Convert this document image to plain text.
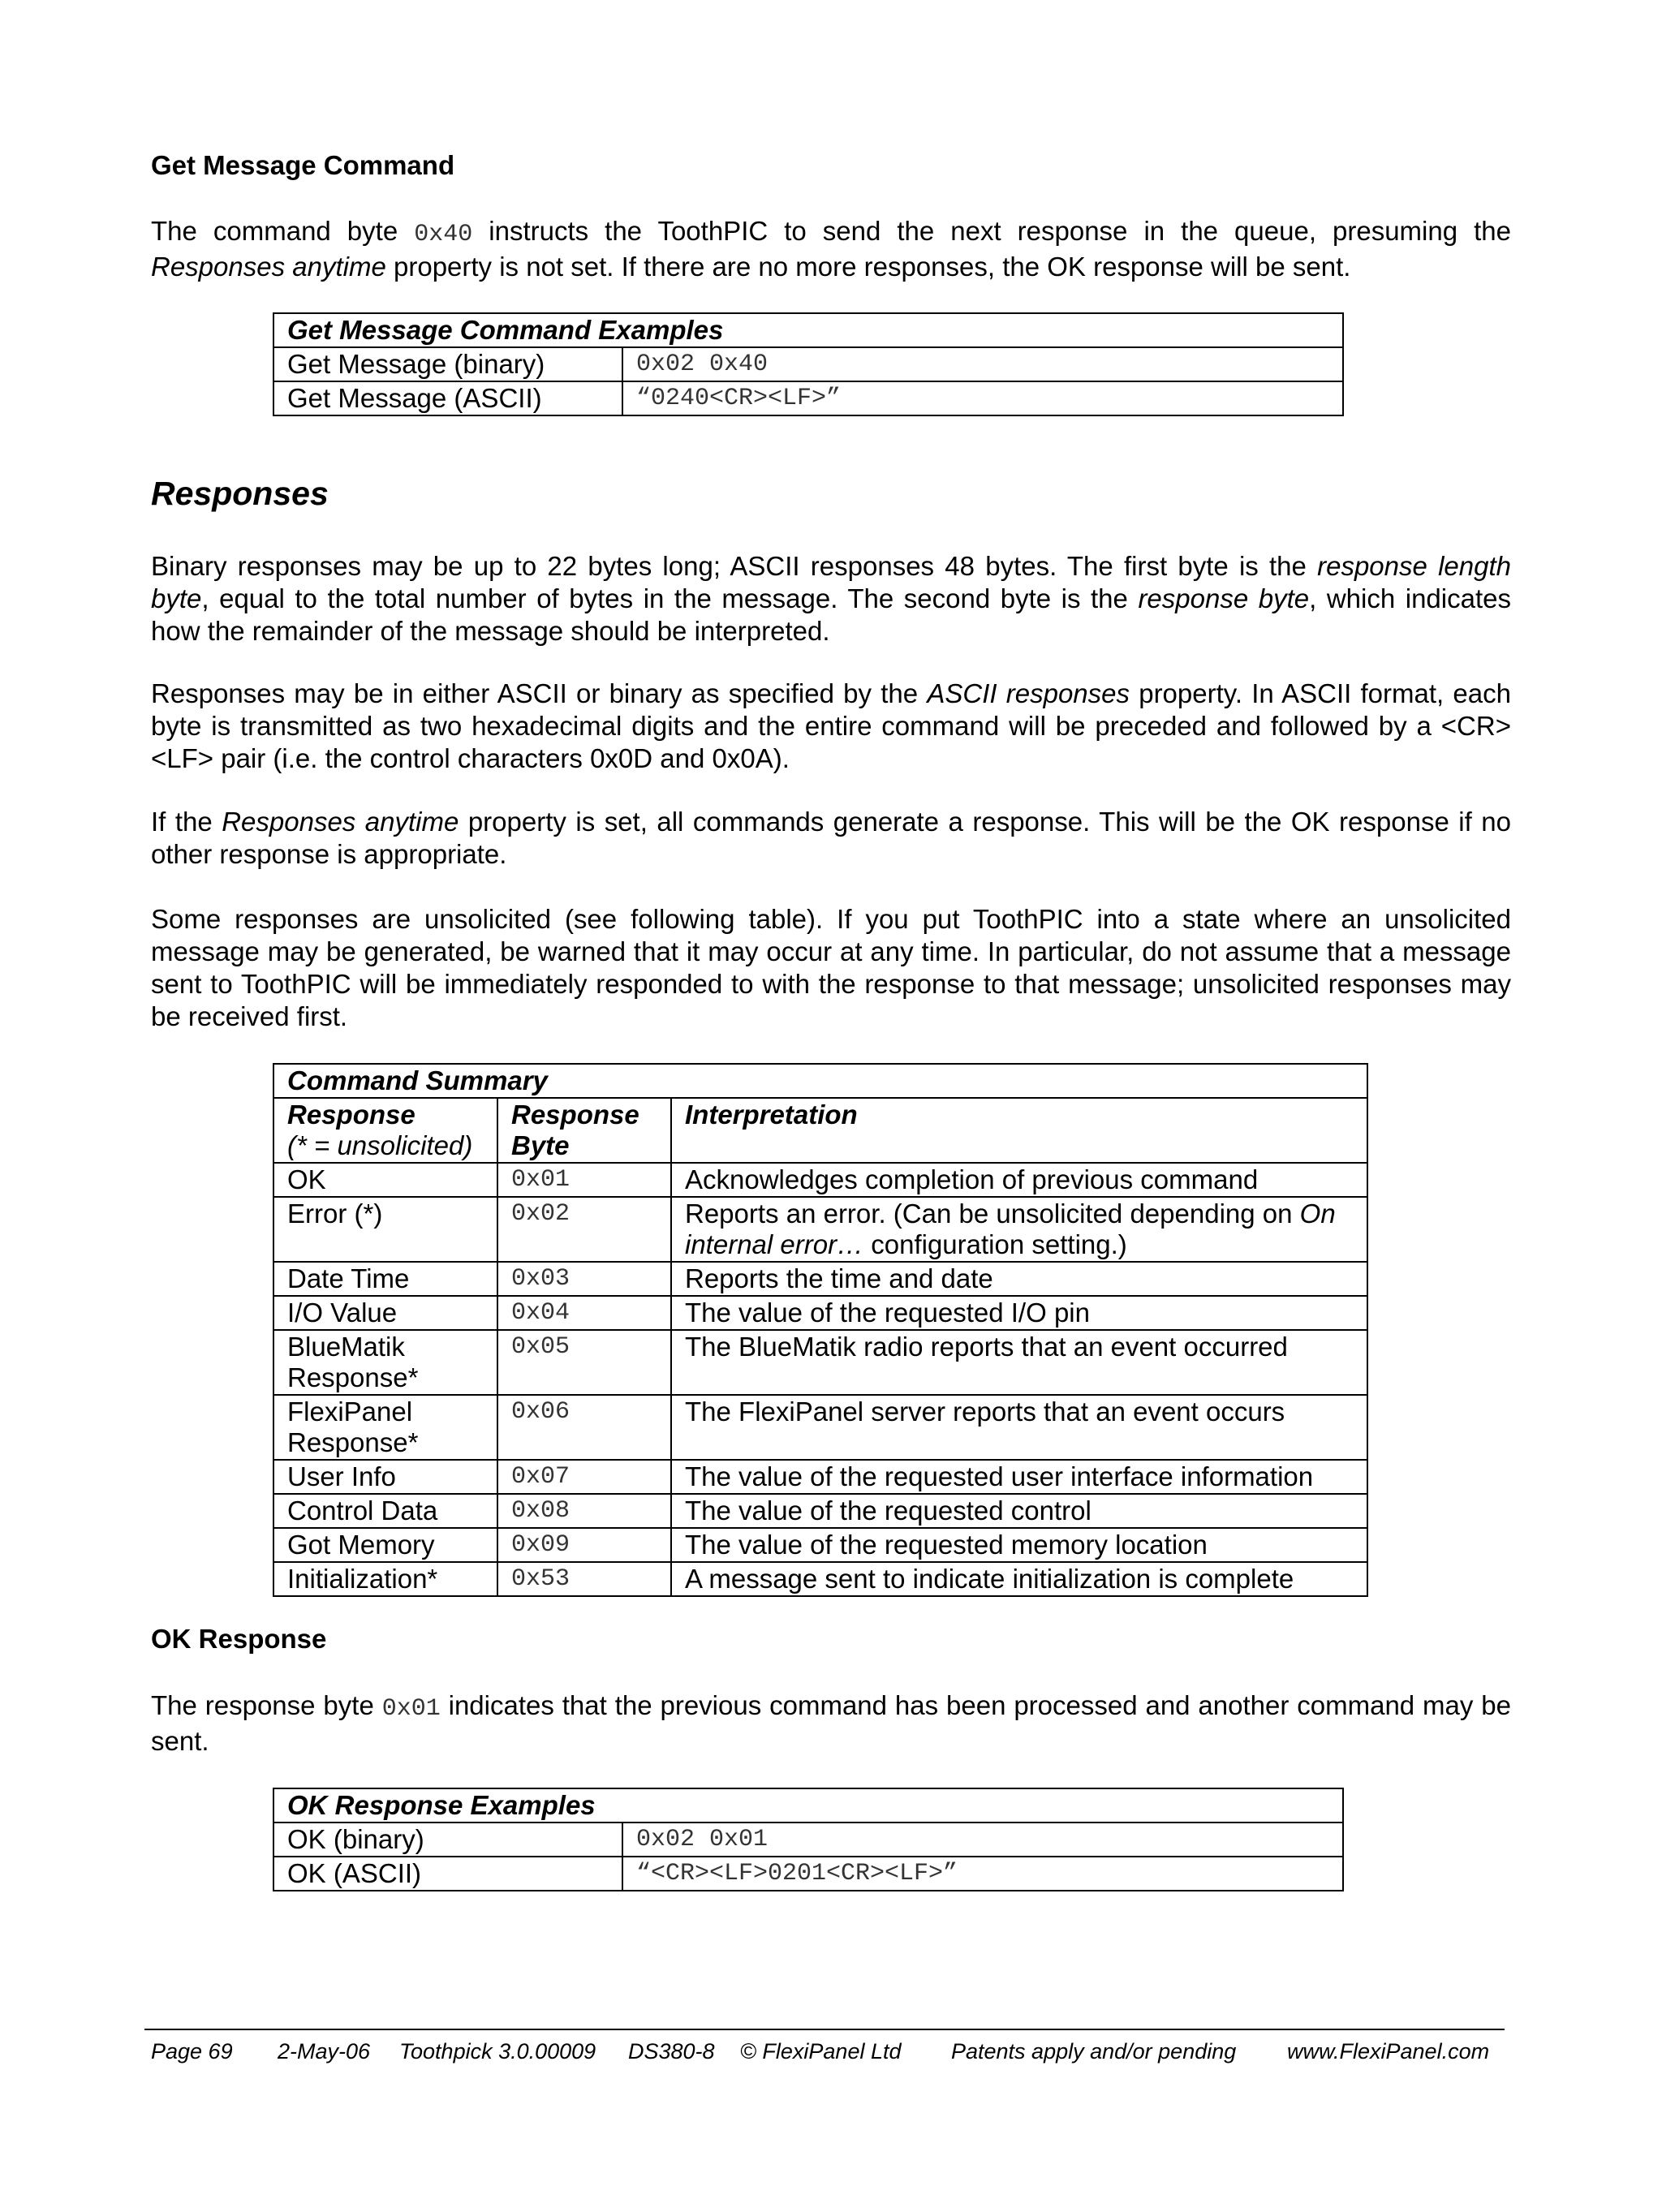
Get Message Command
The command byte 0x40 instructs the ToothPIC to send the next response in the queue, presuming the Responses anytime property is not set. If there are no more responses, the OK response will be sent.
Get Message Command Examples	
Get Message (binary)	0x02 0x40
Get Message (ASCII)	“0240<CR><LF>”
Responses
Binary responses may be up to 22 bytes long; ASCII responses 48 bytes. The first byte is the response length byte, equal to the total number of bytes in the message. The second byte is the response byte, which indicates how the remainder of the message should be interpreted.
Responses may be in either ASCII or binary as specified by the ASCII responses property. In ASCII format, each byte is transmitted as two hexadecimal digits and the entire command will be preceded and followed by a <CR><LF> pair (i.e. the control characters 0x0D and 0x0A).
If the Responses anytime property is set, all commands generate a response. This will be the OK response if no other response is appropriate.
Some responses are unsolicited (see following table). If you put ToothPIC into a state where an unsolicited message may be generated, be warned that it may occur at any time. In particular, do not assume that a message sent to ToothPIC will be immediately responded to with the response to that message; unsolicited responses may be received first.
Command Summary		
Response
(* = unsolicited)	Response Byte	Interpretation
OK	0x01	Acknowledges completion of previous command
Error (*)	0x02	Reports an error. (Can be unsolicited depending on On internal error… configuration setting.)
Date Time	0x03	Reports the time and date
I/O Value	0x04	The value of the requested I/O pin
BlueMatik Response*	0x05	The BlueMatik radio reports that an event occurred
FlexiPanel Response*	0x06	The FlexiPanel server reports that an event occurs
User Info	0x07	The value of the requested user interface information
Control Data	0x08	The value of the requested control
Got Memory	0x09	The value of the requested memory location
Initialization*	0x53	A message sent to indicate initialization is complete
OK Response
The response byte 0x01 indicates that the previous command has been processed and another command may be sent.
OK Response Examples	
OK (binary)	0x02 0x01
OK (ASCII)	“<CR><LF>0201<CR><LF>”
Page 69 2-May-06 Toothpick 3.0.00009 DS380-8 © FlexiPanel Ltd Patents apply and/or pending www.FlexiPanel.com
